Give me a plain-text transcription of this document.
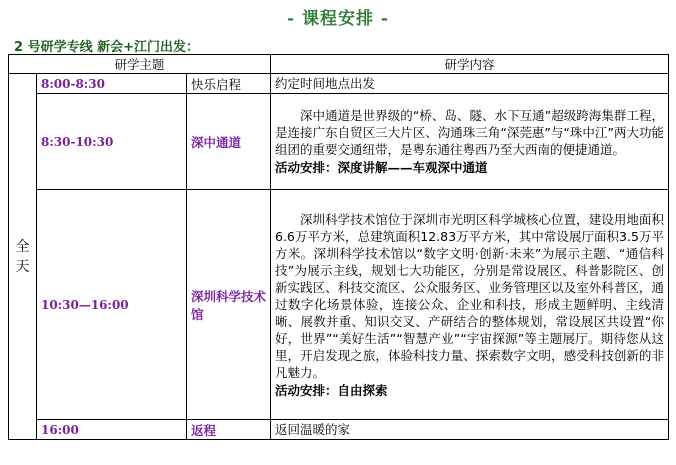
- 课程安排 -
2 号研学专线 新会+江门出发：
研学主题			研学内容
全天	8:00-8:30	快乐启程	约定时间地点出发
	8:30-10:30	深中通道	深中通道是世界级的“桥、岛、隧、水下互通”超级跨海集群工程，是连接广东自贸区三大片区、沟通珠三角“深莞惠”与“珠中江”两大功能组团的重要交通纽带，是粤东通往粤西乃至大西南的便捷通道。
活动安排：深度讲解——车观深中通道

	10:30—16:00	深圳科学技术馆	深圳科学技术馆位于深圳市光明区科学城核心位置，建设用地面积6.6万平方米，总建筑面积12.83万平方米，其中常设展厅面积3.5万平方米。深圳科学技术馆以“数字文明·创新·未来”为展示主题、“通信科技”为展示主线，规划七大功能区，分别是常设展区、科普影院区、创新实践区、科技交流区、公众服务区、业务管理区以及室外科普区，通过数字化场景体验，连接公众、企业和科技，形成主题鲜明、主线清晰、展教并重、知识交叉、产研结合的整体规划，常设展区共设置“你好，世界”“美好生活”“智慧产业”“宇宙探源”等主题展厅。期待您从这里，开启发现之旅，体验科技力量、探索数字文明，感受科技创新的非凡魅力。
活动安排：自由探索

	16:00	返程	返回温暖的家
